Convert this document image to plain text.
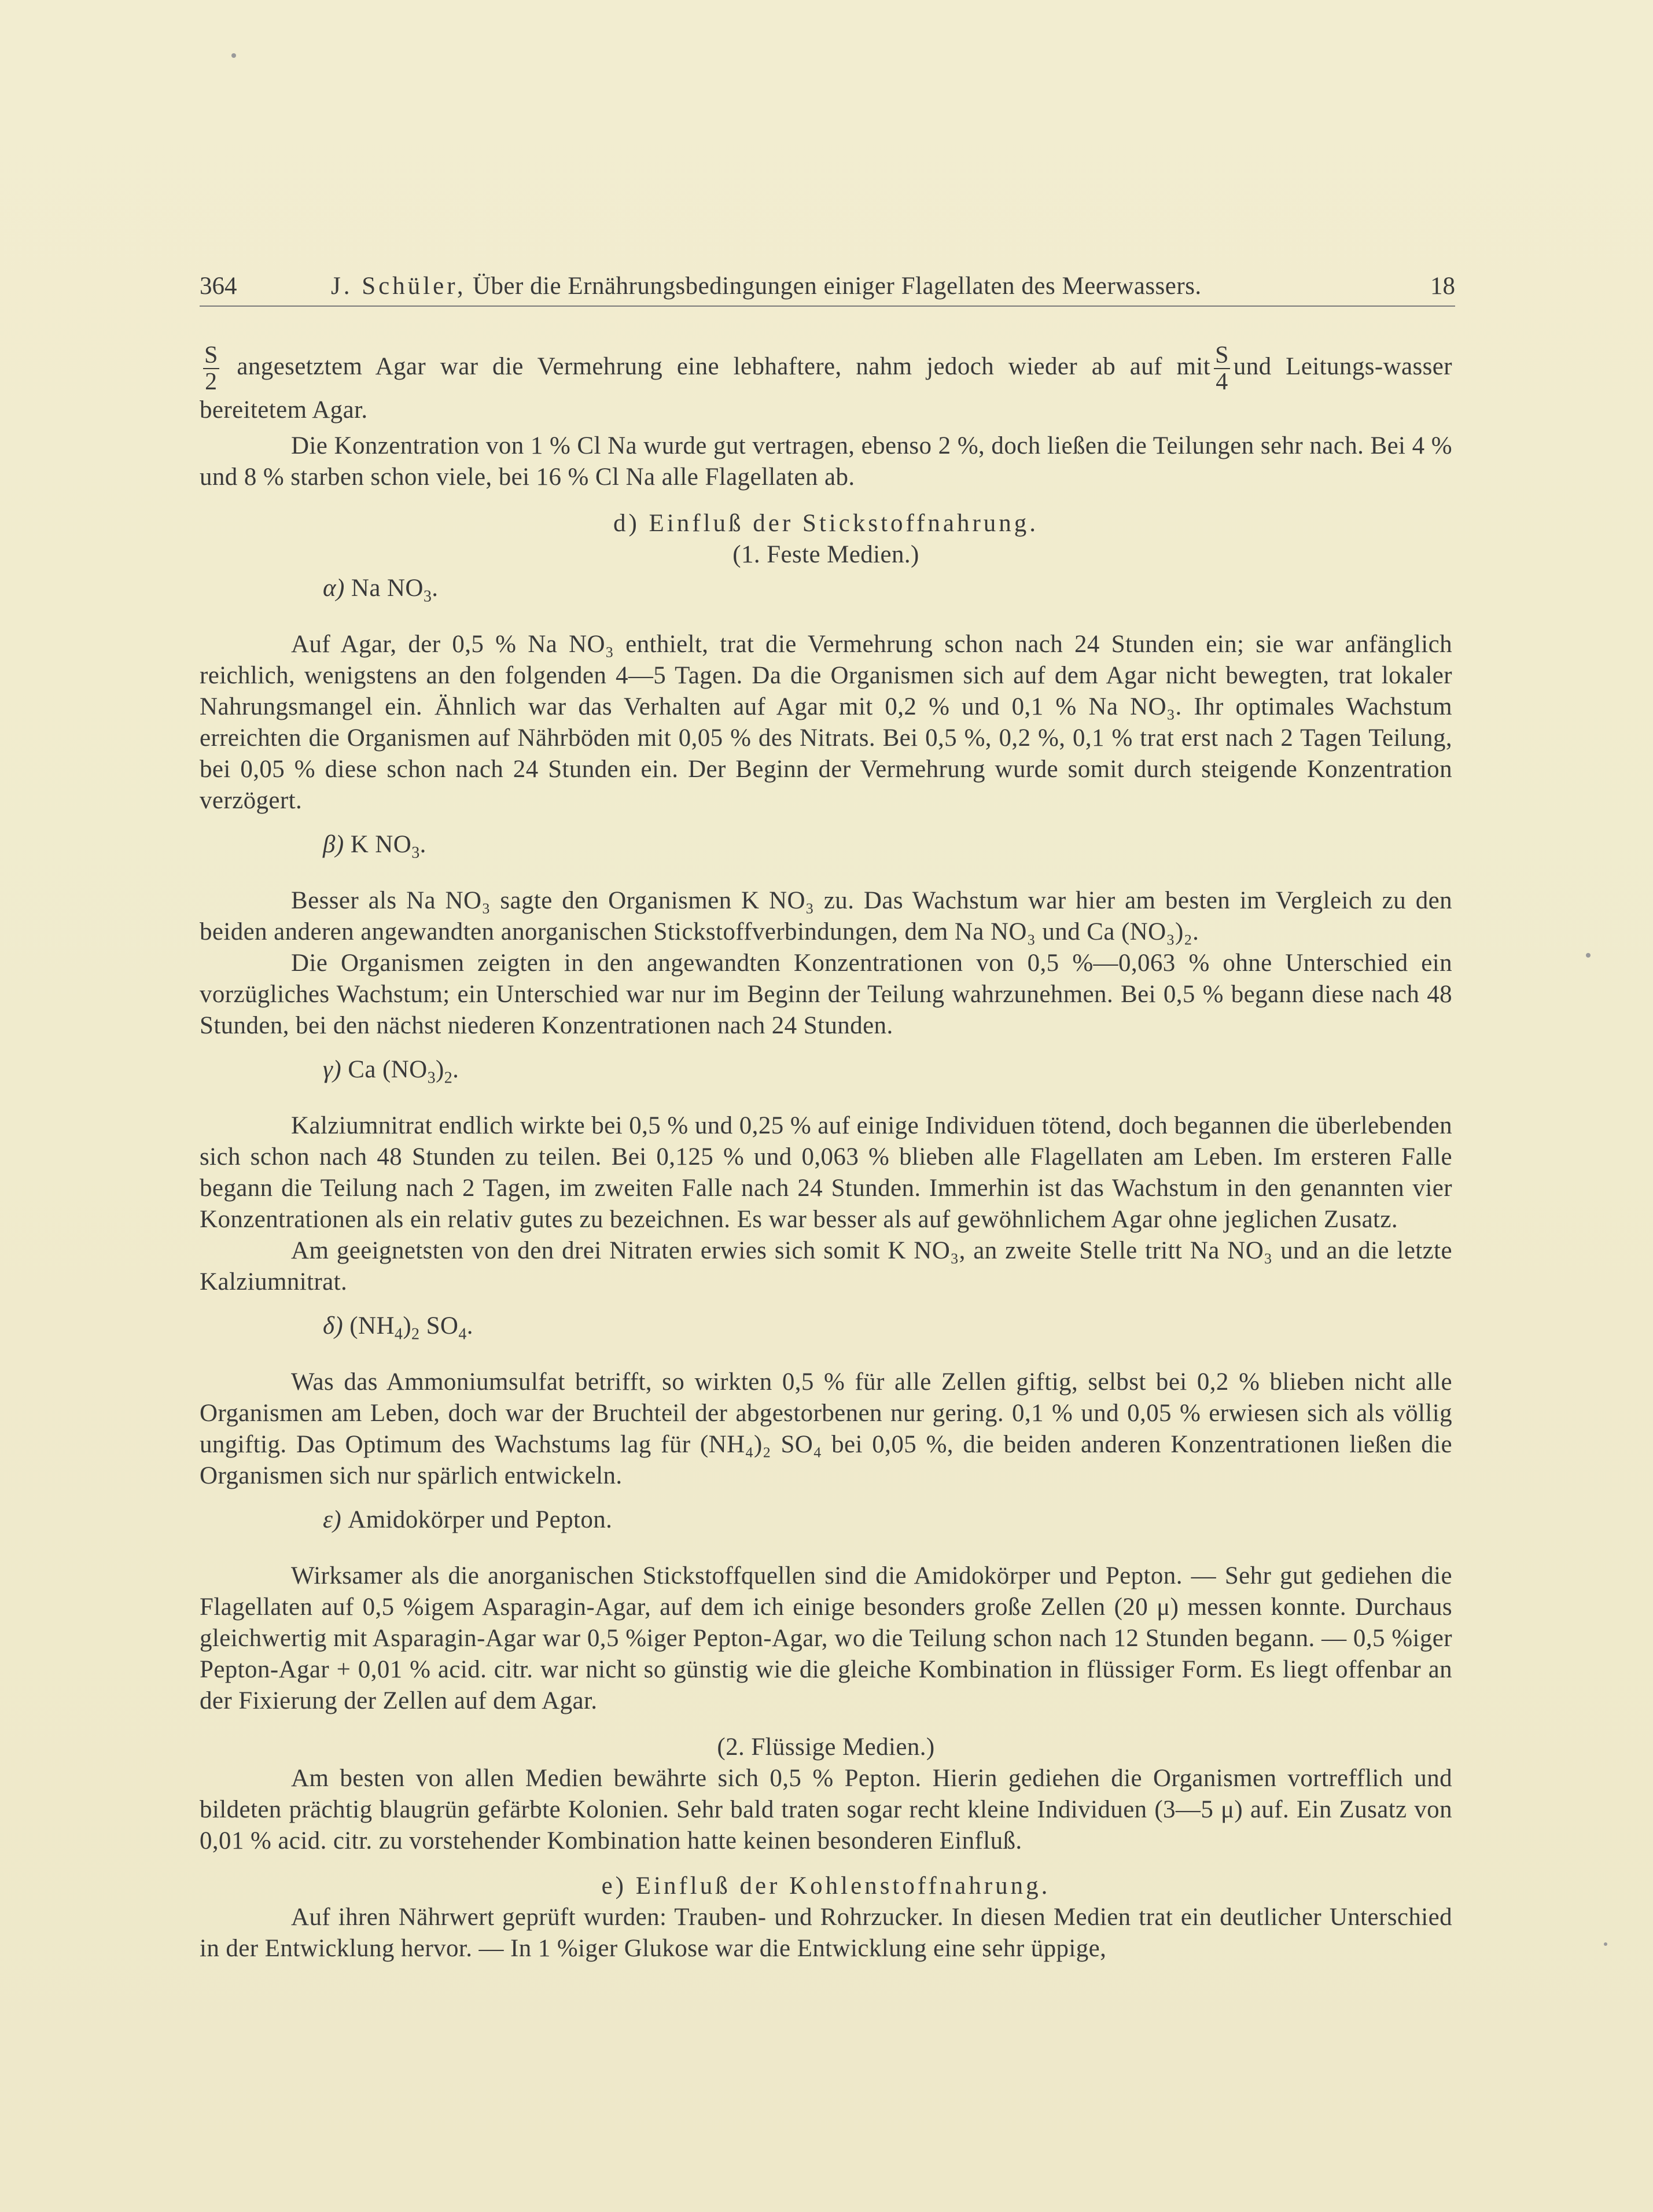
364	J. Schüler, Über die Ernährungsbedingungen einiger Flagellaten des Meerwassers.	18

$\frac{S}{2}$ angesetztem Agar war die Vermehrung eine lebhaftere, nahm jedoch wieder ab auf mit $\frac{S}{4}$ und Leitungs-wasser bereitetem Agar.

Die Konzentration von 1 % Cl Na wurde gut vertragen, ebenso 2 %, doch ließen die Teilungen sehr nach. Bei 4 % und 8 % starben schon viele, bei 16 % Cl Na alle Flagellaten ab.

d) Einfluß der Stickstoffnahrung.

(1. Feste Medien.)

α) Na $NO_3$.

Auf Agar, der 0,5 % Na NO₃ enthielt, trat die Vermehrung schon nach 24 Stunden ein; sie war anfänglich reichlich, wenigstens an den folgenden 4—5 Tagen. Da die Organismen sich auf dem Agar nicht bewegten, trat lokaler Nahrungsmangel ein. Ähnlich war das Verhalten auf Agar mit 0,2 % und 0,1 % Na NO₃. Ihr optimales Wachstum erreichten die Organismen auf Nährböden mit 0,05 % des Nitrats. Bei 0,5 %, 0,2 %, 0,1 % trat erst nach 2 Tagen Teilung, bei 0,05 % diese schon nach 24 Stunden ein. Der Beginn der Vermehrung wurde somit durch steigende Konzentration verzögert.

β) K $NO_3$.

Besser als Na NO₃ sagte den Organismen K NO₃ zu. Das Wachstum war hier am besten im Vergleich zu den beiden anderen angewandten anorganischen Stickstoffverbindungen, dem Na NO₃ und Ca (NO₃)₂.

Die Organismen zeigten in den angewandten Konzentrationen von 0,5 %—0,063 % ohne Unterschied ein vorzügliches Wachstum; ein Unterschied war nur im Beginn der Teilung wahrzunehmen. Bei 0,5 % begann diese nach 48 Stunden, bei den nächst niederen Konzentrationen nach 24 Stunden.

γ) Ca $(NO_3)_2$.

Kalziumnitrat endlich wirkte bei 0,5 % und 0,25 % auf einige Individuen tötend, doch begannen die überlebenden sich schon nach 48 Stunden zu teilen. Bei 0,125 % und 0,063 % blieben alle Flagellaten am Leben. Im ersteren Falle begann die Teilung nach 2 Tagen, im zweiten Falle nach 24 Stunden. Immerhin ist das Wachstum in den genannten vier Konzentrationen als ein relativ gutes zu bezeichnen. Es war besser als auf gewöhnlichem Agar ohne jeglichen Zusatz.

Am geeignetsten von den drei Nitraten erwies sich somit K NO₃, an zweite Stelle tritt Na NO₃ und an die letzte Kalziumnitrat.

δ) $(NH_4)_2$ $SO_4$.

Was das Ammoniumsulfat betrifft, so wirkten 0,5 % für alle Zellen giftig, selbst bei 0,2 % blieben nicht alle Organismen am Leben, doch war der Bruchteil der abgestorbenen nur gering. 0,1 % und 0,05 % erwiesen sich als völlig ungiftig. Das Optimum des Wachstums lag für (NH₄)₂ SO₄ bei 0,05 %, die beiden anderen Konzentrationen ließen die Organismen sich nur spärlich entwickeln.

ε) Amidokörper und Pepton.

Wirksamer als die anorganischen Stickstoffquellen sind die Amidokörper und Pepton. — Sehr gut gediehen die Flagellaten auf 0,5 %igem Asparagin-Agar, auf dem ich einige besonders große Zellen (20 μ) messen konnte. Durchaus gleichwertig mit Asparagin-Agar war 0,5 %iger Pepton-Agar, wo die Teilung schon nach 12 Stunden begann. — 0,5 %iger Pepton-Agar + 0,01 % acid. citr. war nicht so günstig wie die gleiche Kombination in flüssiger Form. Es liegt offenbar an der Fixierung der Zellen auf dem Agar.

(2. Flüssige Medien.)

Am besten von allen Medien bewährte sich 0,5 % Pepton. Hierin gediehen die Organismen vortrefflich und bildeten prächtig blaugrün gefärbte Kolonien. Sehr bald traten sogar recht kleine Individuen (3—5 μ) auf. Ein Zusatz von 0,01 % acid. citr. zu vorstehender Kombination hatte keinen besonderen Einfluß.

e) Einfluß der Kohlenstoffnahrung.

Auf ihren Nährwert geprüft wurden: Trauben- und Rohrzucker. In diesen Medien trat ein deutlicher Unterschied in der Entwicklung hervor. — In 1 %iger Glukose war die Entwicklung eine sehr üppige,
